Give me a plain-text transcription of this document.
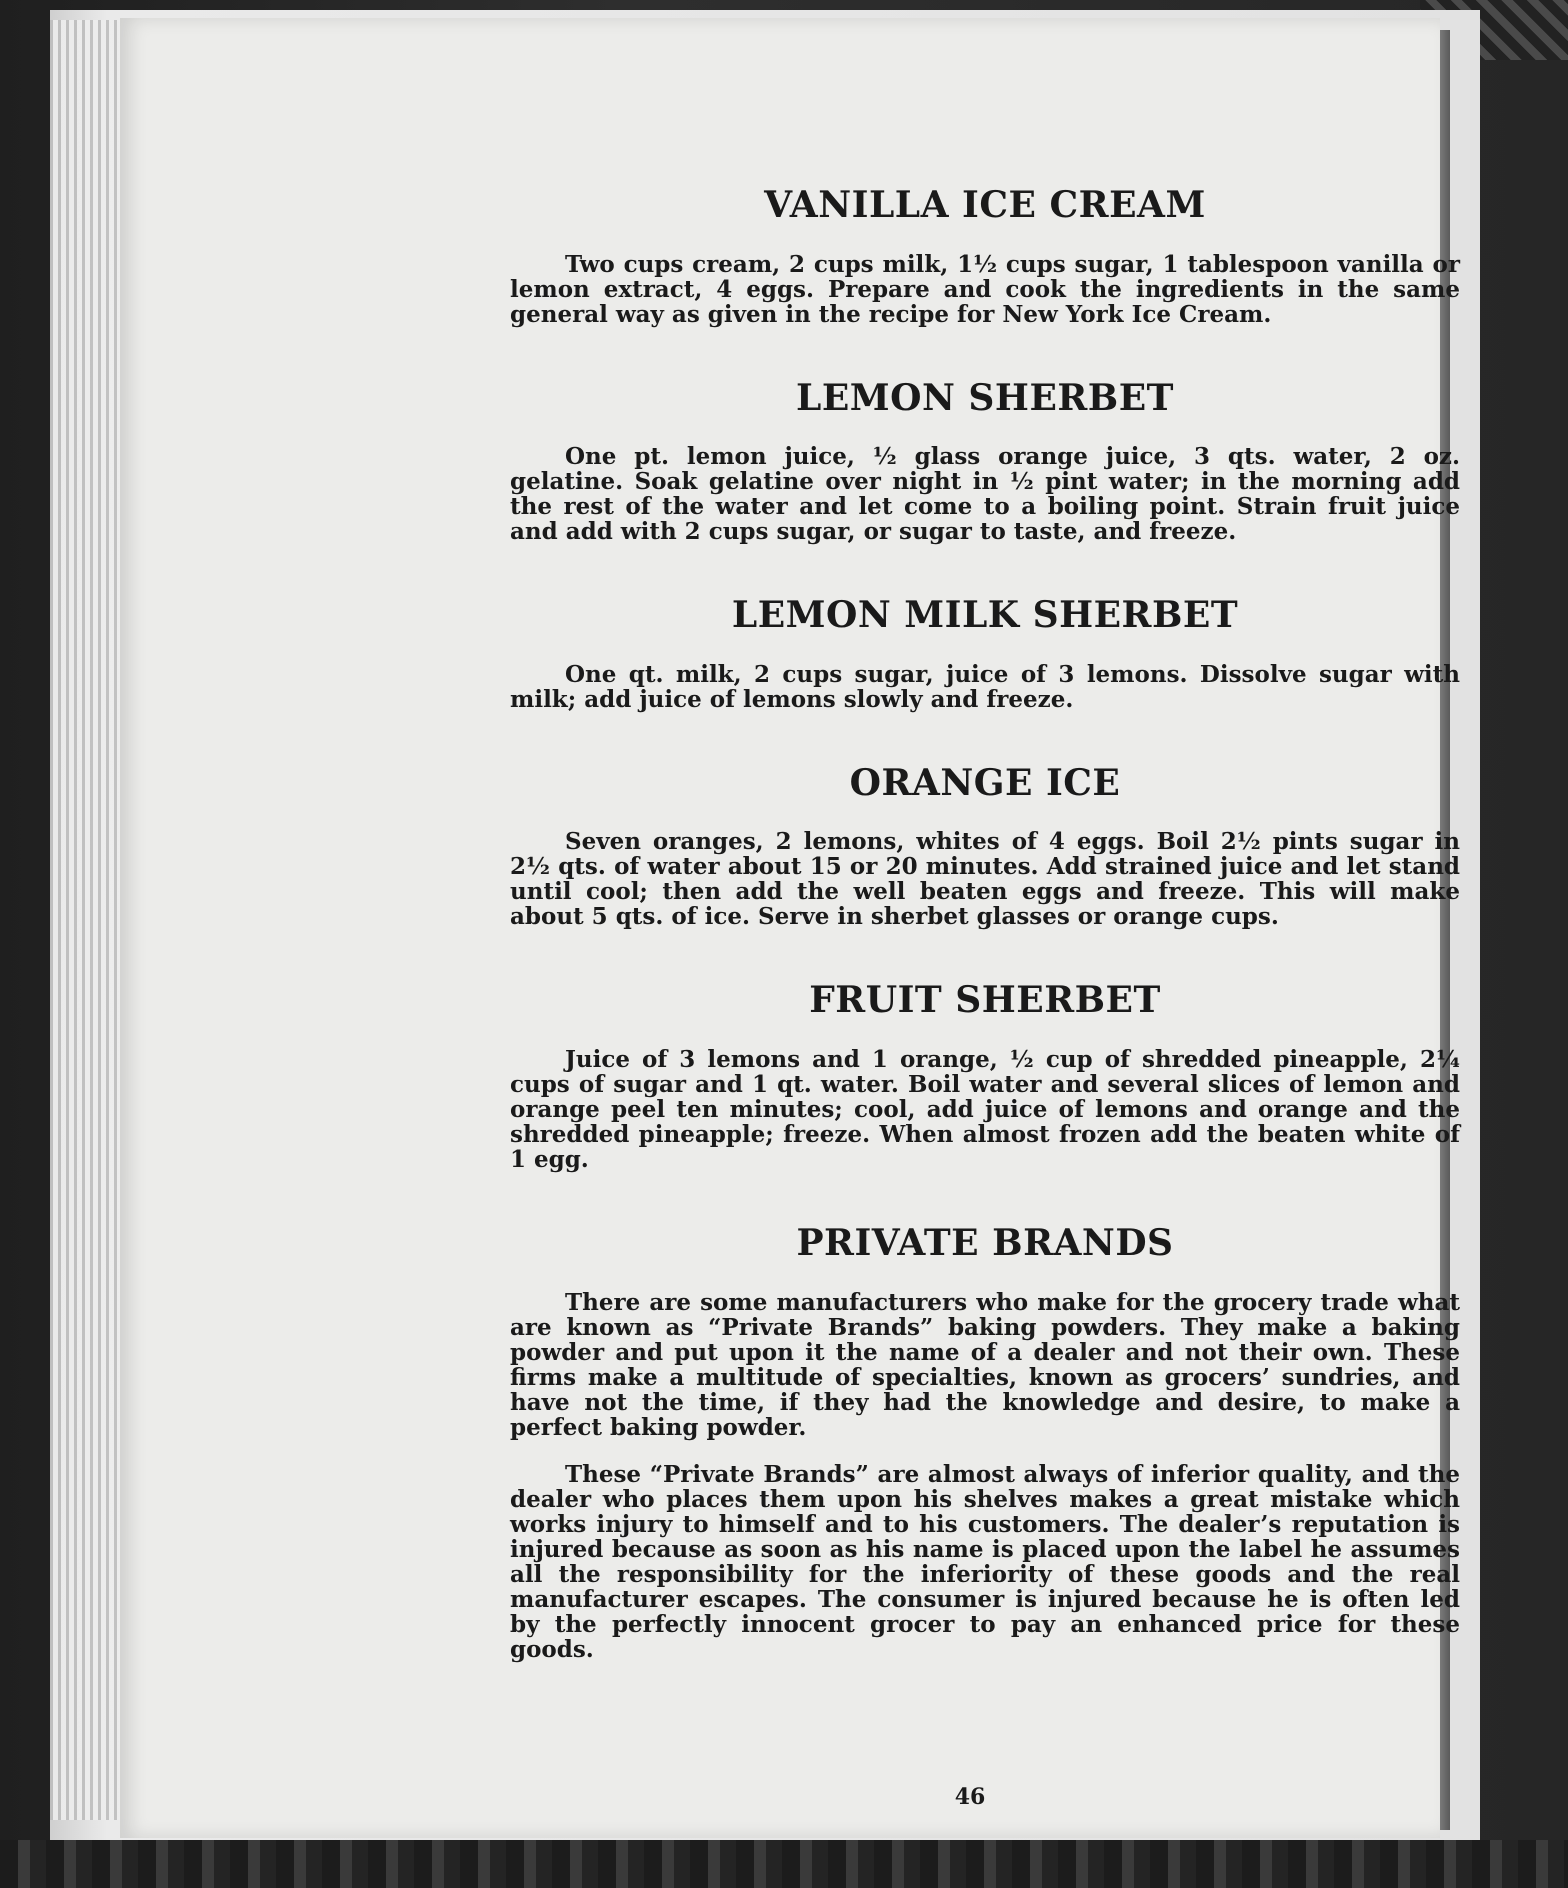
VANILLA ICE CREAM

Two cups cream, 2 cups milk, 1½ cups sugar, 1 tablespoon vanilla or lemon extract, 4 eggs. Prepare and cook the ingredients in the same general way as given in the recipe for New York Ice Cream.

LEMON SHERBET

One pt. lemon juice, ½ glass orange juice, 3 qts. water, 2 oz. gelatine. Soak gelatine over night in ½ pint water; in the morning add the rest of the water and let come to a boiling point. Strain fruit juice and add with 2 cups sugar, or sugar to taste, and freeze.

LEMON MILK SHERBET

One qt. milk, 2 cups sugar, juice of 3 lemons. Dissolve sugar with milk; add juice of lemons slowly and freeze.

ORANGE ICE

Seven oranges, 2 lemons, whites of 4 eggs. Boil 2½ pints sugar in 2½ qts. of water about 15 or 20 minutes. Add strained juice and let stand until cool; then add the well beaten eggs and freeze. This will make about 5 qts. of ice. Serve in sherbet glasses or orange cups.

FRUIT SHERBET

Juice of 3 lemons and 1 orange, ½ cup of shredded pineapple, 2¼ cups of sugar and 1 qt. water. Boil water and several slices of lemon and orange peel ten minutes; cool, add juice of lemons and orange and the shredded pineapple; freeze. When almost frozen add the beaten white of 1 egg.

PRIVATE BRANDS

There are some manufacturers who make for the grocery trade what are known as “Private Brands” baking powders. They make a baking powder and put upon it the name of a dealer and not their own. These firms make a multitude of specialties, known as grocers’ sundries, and have not the time, if they had the knowledge and desire, to make a perfect baking powder.

These “Private Brands” are almost always of inferior quality, and the dealer who places them upon his shelves makes a great mistake which works injury to himself and to his customers. The dealer’s reputation is injured because as soon as his name is placed upon the label he assumes all the responsibility for the inferiority of these goods and the real manufacturer escapes. The consumer is injured because he is often led by the perfectly innocent grocer to pay an enhanced price for these goods.

46
